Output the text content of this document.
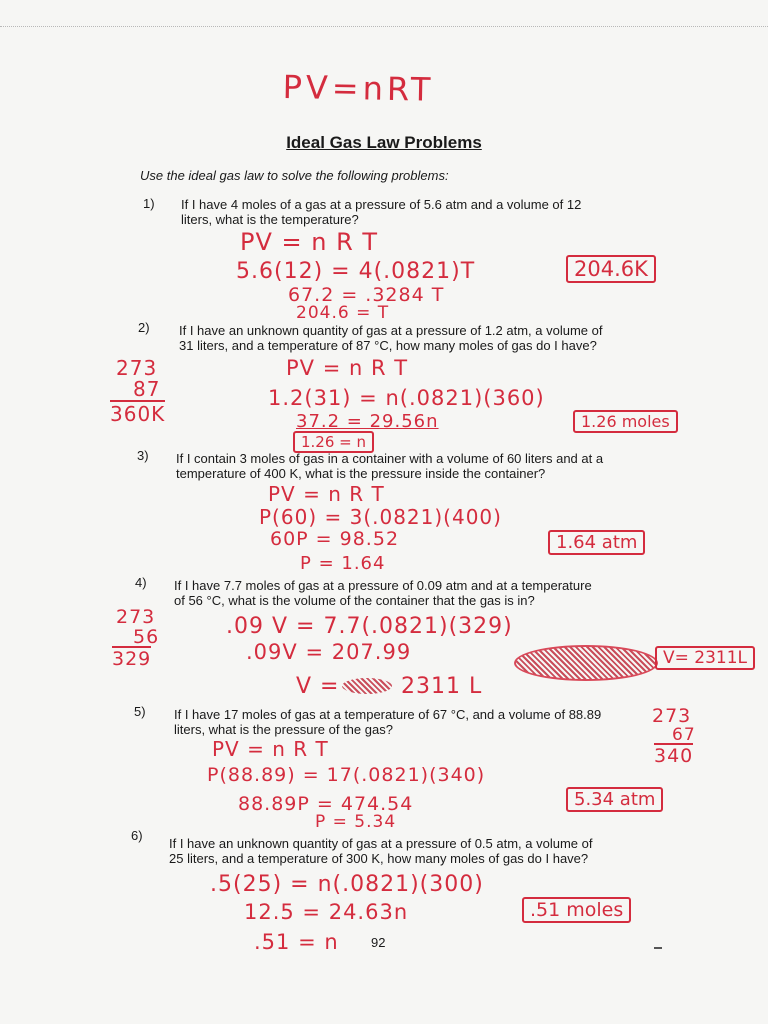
PV=nRT
Ideal Gas Law Problems
Use the ideal gas law to solve the following problems:
1) If I have 4 moles of a gas at a pressure of 5.6 atm and a volume of 12
liters, what is the temperature?
PV = n R T
5.6(12) = 4(.0821)T
67.2 = .3284 T
204.6 = T
204.6K
2) If I have an unknown quantity of gas at a pressure of 1.2 atm, a volume of
31 liters, and a temperature of 87 °C, how many moles of gas do I have?
273
87
360K
PV = n R T
1.2(31) = n(.0821)(360)
37.2 = 29.56n
1.26 = n
1.26 moles
3) If I contain 3 moles of gas in a container with a volume of 60 liters and at a
temperature of 400 K, what is the pressure inside the container?
PV = n R T
P(60) = 3(.0821)(400)
60P = 98.52
P = 1.64
1.64 atm
4) If I have 7.7 moles of gas at a pressure of 0.09 atm and at a temperature
of 56 °C, what is the volume of the container that the gas is in?
273
56
329
.09 V = 7.7(.0821)(329)
.09V = 207.99
V =	2311 L
V= 2311L
5) If I have 17 moles of gas at a temperature of 67 °C, and a volume of 88.89
liters, what is the pressure of the gas?
273
67
340
PV = n R T
P(88.89) = 17(.0821)(340)
88.89P = 474.54
P = 5.34
5.34 atm
6)
If I have an unknown quantity of gas at a pressure of 0.5 atm, a volume of
25 liters, and a temperature of 300 K, how many moles of gas do I have?
.5(25) = n(.0821)(300)
12.5 = 24.63n
.51 = n
.51 moles
92
